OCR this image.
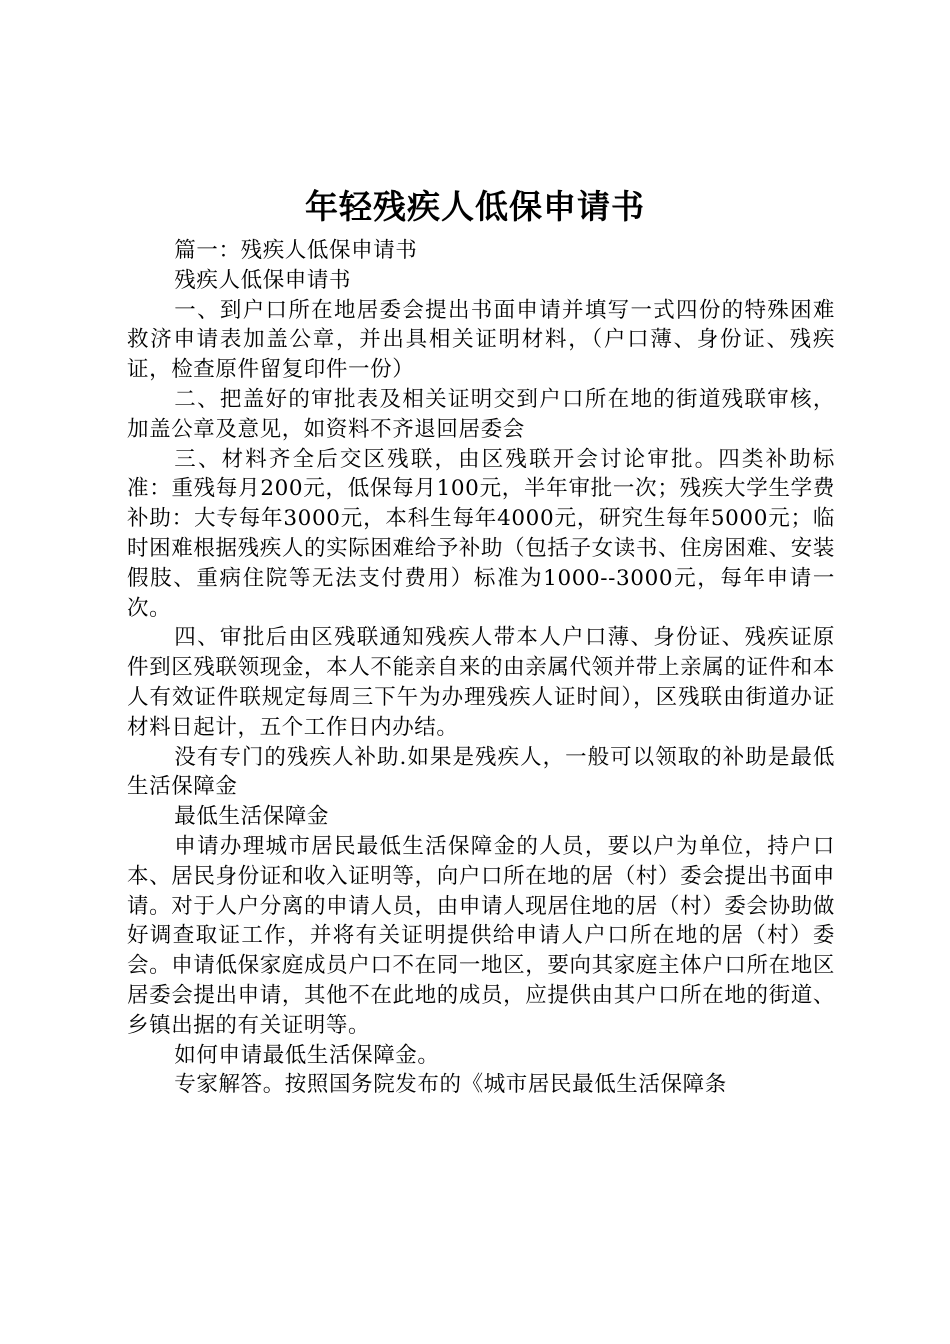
年轻残疾人低保申请书

篇一：残疾人低保申请书

残疾人低保申请书

一、到户口所在地居委会提出书面申请并填写一式四份的特殊困难救济申请表加盖公章，并出具相关证明材料，（户口薄、身份证、残疾证，检查原件留复印件一份）

二、把盖好的审批表及相关证明交到户口所在地的街道残联审核，加盖公章及意见，如资料不齐退回居委会

三、材料齐全后交区残联，由区残联开会讨论审批。四类补助标准：重残每月200元，低保每月100元，半年审批一次；残疾大学生学费补助：大专每年3000元，本科生每年4000元，研究生每年5000元；临时困难根据残疾人的实际困难给予补助（包括子女读书、住房困难、安装假肢、重病住院等无法支付费用）标准为1000--3000元，每年申请一次。

四、审批后由区残联通知残疾人带本人户口薄、身份证、残疾证原件到区残联领现金，本人不能亲自来的由亲属代领并带上亲属的证件和本人有效证件联规定每周三下午为办理残疾人证时间），区残联由街道办证材料日起计，五个工作日内办结。

没有专门的残疾人补助.如果是残疾人，一般可以领取的补助是最低生活保障金

最低生活保障金

申请办理城市居民最低生活保障金的人员，要以户为单位，持户口本、居民身份证和收入证明等，向户口所在地的居（村）委会提出书面申请。对于人户分离的申请人员，由申请人现居住地的居（村）委会协助做好调查取证工作，并将有关证明提供给申请人户口所在地的居（村）委会。申请低保家庭成员户口不在同一地区，要向其家庭主体户口所在地区居委会提出申请，其他不在此地的成员，应提供由其户口所在地的街道、乡镇出据的有关证明等。

如何申请最低生活保障金。

专家解答。按照国务院发布的《城市居民最低生活保障条
